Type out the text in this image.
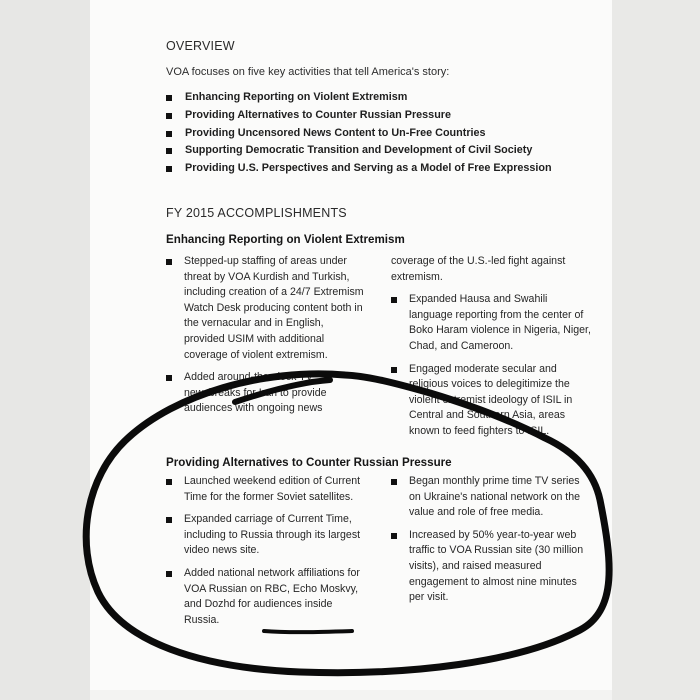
OVERVIEW
VOA focuses on five key activities that tell America's story:
Enhancing Reporting on Violent Extremism
Providing Alternatives to Counter Russian Pressure
Providing Uncensored News Content to Un-Free Countries
Supporting Democratic Transition and Development of Civil Society
Providing U.S. Perspectives and Serving as a Model of Free Expression
FY 2015 ACCOMPLISHMENTS
Enhancing Reporting on Violent Extremism
Stepped-up staffing of areas under threat by VOA Kurdish and Turkish, including creation of a 24/7 Extremism Watch Desk producing content both in the vernacular and in English, provided USIM with additional coverage of violent extremism.
Added around-the-clock TV newsbreaks for Iran to provide audiences with ongoing news
coverage of the U.S.-led fight against extremism.
Expanded Hausa and Swahili language reporting from the center of Boko Haram violence in Nigeria, Niger, Chad, and Cameroon.
Engaged moderate secular and religious voices to delegitimize the violent extremist ideology of ISIL in Central and Southern Asia, areas known to feed fighters to ISIL.
Providing Alternatives to Counter Russian Pressure
Launched weekend edition of Current Time for the former Soviet satellites.
Expanded carriage of Current Time, including to Russia through its largest video news site.
Added national network affiliations for VOA Russian on RBC, Echo Moskvy, and Dozhd for audiences inside Russia.
Began monthly prime time TV series on Ukraine's national network on the value and role of free media.
Increased by 50% year-to-year web traffic to VOA Russian site (30 million visits), and raised measured engagement to almost nine minutes per visit.
